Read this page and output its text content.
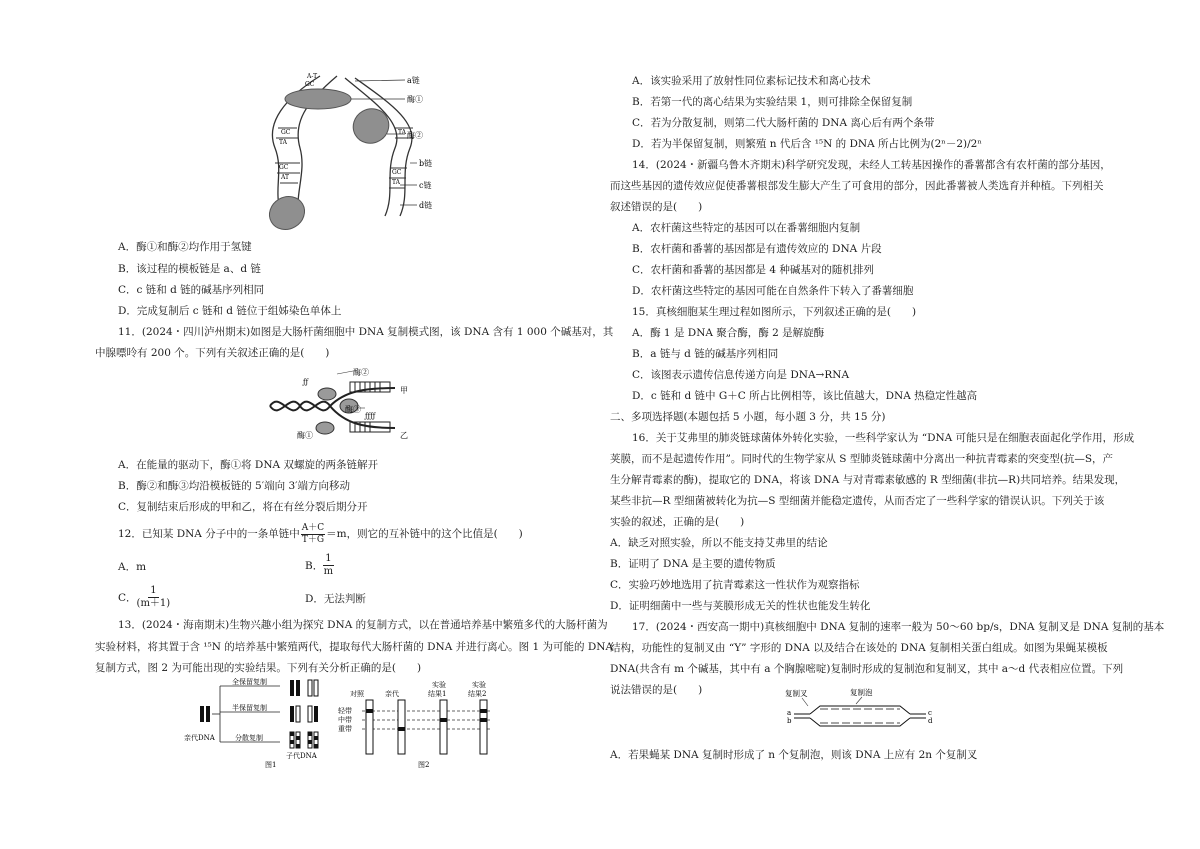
A-T
GC
GC
TA
GC
AT
TA
GC
TA
a链
酶①
酶②
b链
c链
d链
A．酶①和酶②均作用于氢键
B．该过程的模板链是 a、d 链
C．c 链和 d 链的碱基序列相同
D．完成复制后 c 链和 d 链位于组姊染色单体上
11．(2024・四川泸州期末)如图是大肠杆菌细胞中 DNA 复制模式图，该 DNA 含有 1 000 个碱基对，其
中腺嘌呤有 200 个。下列有关叙述正确的是(　　)
ƒƒ
ƒƒƒƒ
酶②
酶③
酶①
甲
乙
A．在能量的驱动下，酶①将 DNA 双螺旋的两条链解开
B．酶②和酶③均沿模板链的 5′端向 3′端方向移动
C．复制结束后形成的甲和乙，将在有丝分裂后期分开
12．已知某 DNA 分子中的一条单链中 $\frac{A+C}{T+G} =m$，则它的互补链中的这个比值是(　　)
A．m	B． $\frac{1}{m}$
C． $\frac{1}{(m+1)}$	D．无法判断
13．(2024・海南期末)生物兴趣小组为探究 DNA 的复制方式，以在普通培养基中繁殖多代的大肠杆菌为
实验材料，将其置于含 ¹⁵N 的培养基中繁殖两代，提取每代大肠杆菌的 DNA 并进行离心。图 1 为可能的 DNA
复制方式，图 2 为可能出现的实验结果。下列有关分析正确的是(　　)
亲代DNA
全保留复制
半保留复制
分散复制
子代DNA
图1
对照	亲代
实验
结果1
实验
结果2
轻带
中带
重带
图2
A．该实验采用了放射性同位素标记技术和离心技术
B．若第一代的离心结果为实验结果 1，则可排除全保留复制
C．若为分散复制，则第二代大肠杆菌的 DNA 离心后有两个条带
D．若为半保留复制，则繁殖 n 代后含 ¹⁵N 的 DNA 所占比例为(2ⁿ－2)/2ⁿ
14．(2024・新疆乌鲁木齐期末)科学研究发现，未经人工转基因操作的番薯都含有农杆菌的部分基因，
而这些基因的遗传效应促使番薯根部发生膨大产生了可食用的部分，因此番薯被人类选育并种植。下列相关
叙述错误的是(　　)
A．农杆菌这些特定的基因可以在番薯细胞内复制
B．农杆菌和番薯的基因都是有遗传效应的 DNA 片段
C．农杆菌和番薯的基因都是 4 种碱基对的随机排列
D．农杆菌这些特定的基因可能在自然条件下转入了番薯细胞
15．真核细胞某生理过程如图所示，下列叙述正确的是(　　)
A．酶 1 是 DNA 聚合酶，酶 2 是解旋酶
B．a 链与 d 链的碱基序列相同
C．该图表示遗传信息传递方向是 DNA→RNA
D．c 链和 d 链中 G＋C 所占比例相等，该比值越大，DNA 热稳定性越高
二、多项选择题(本题包括 5 小题，每小题 3 分，共 15 分)
16．关于艾弗里的肺炎链球菌体外转化实验，一些科学家认为 “DNA 可能只是在细胞表面起化学作用，形成
荚膜，而不是起遗传作用”。同时代的生物学家从 S 型肺炎链球菌中分离出一种抗青霉素的突变型(抗—S，产
生分解青霉素的酶)，提取它的 DNA，将该 DNA 与对青霉素敏感的 R 型细菌(非抗—R)共同培养。结果发现，
某些非抗—R 型细菌被转化为抗—S 型细菌并能稳定遗传，从而否定了一些科学家的错误认识。下列关于该
实验的叙述，正确的是(　　)
A．缺乏对照实验，所以不能支持艾弗里的结论
B．证明了 DNA 是主要的遗传物质
C．实验巧妙地选用了抗青霉素这一性状作为观察指标
D．证明细菌中一些与荚膜形成无关的性状也能发生转化
17．(2024・西安高一期中)真核细胞中 DNA 复制的速率一般为 50～60 bp/s，DNA 复制叉是 DNA 复制的基本
结构，功能性的复制叉由 “Y” 字形的 DNA 以及结合在该处的 DNA 复制相关蛋白组成。如图为果蝇某模板
DNA(共含有 m 个碱基，其中有 a 个胸腺嘧啶)复制时形成的复制泡和复制叉，其中 a～d 代表相应位置。下列
说法错误的是(　　)	复制叉	复制泡
a
b
c
d
A．若果蝇某 DNA 复制时形成了 n 个复制泡，则该 DNA 上应有 2n 个复制叉
